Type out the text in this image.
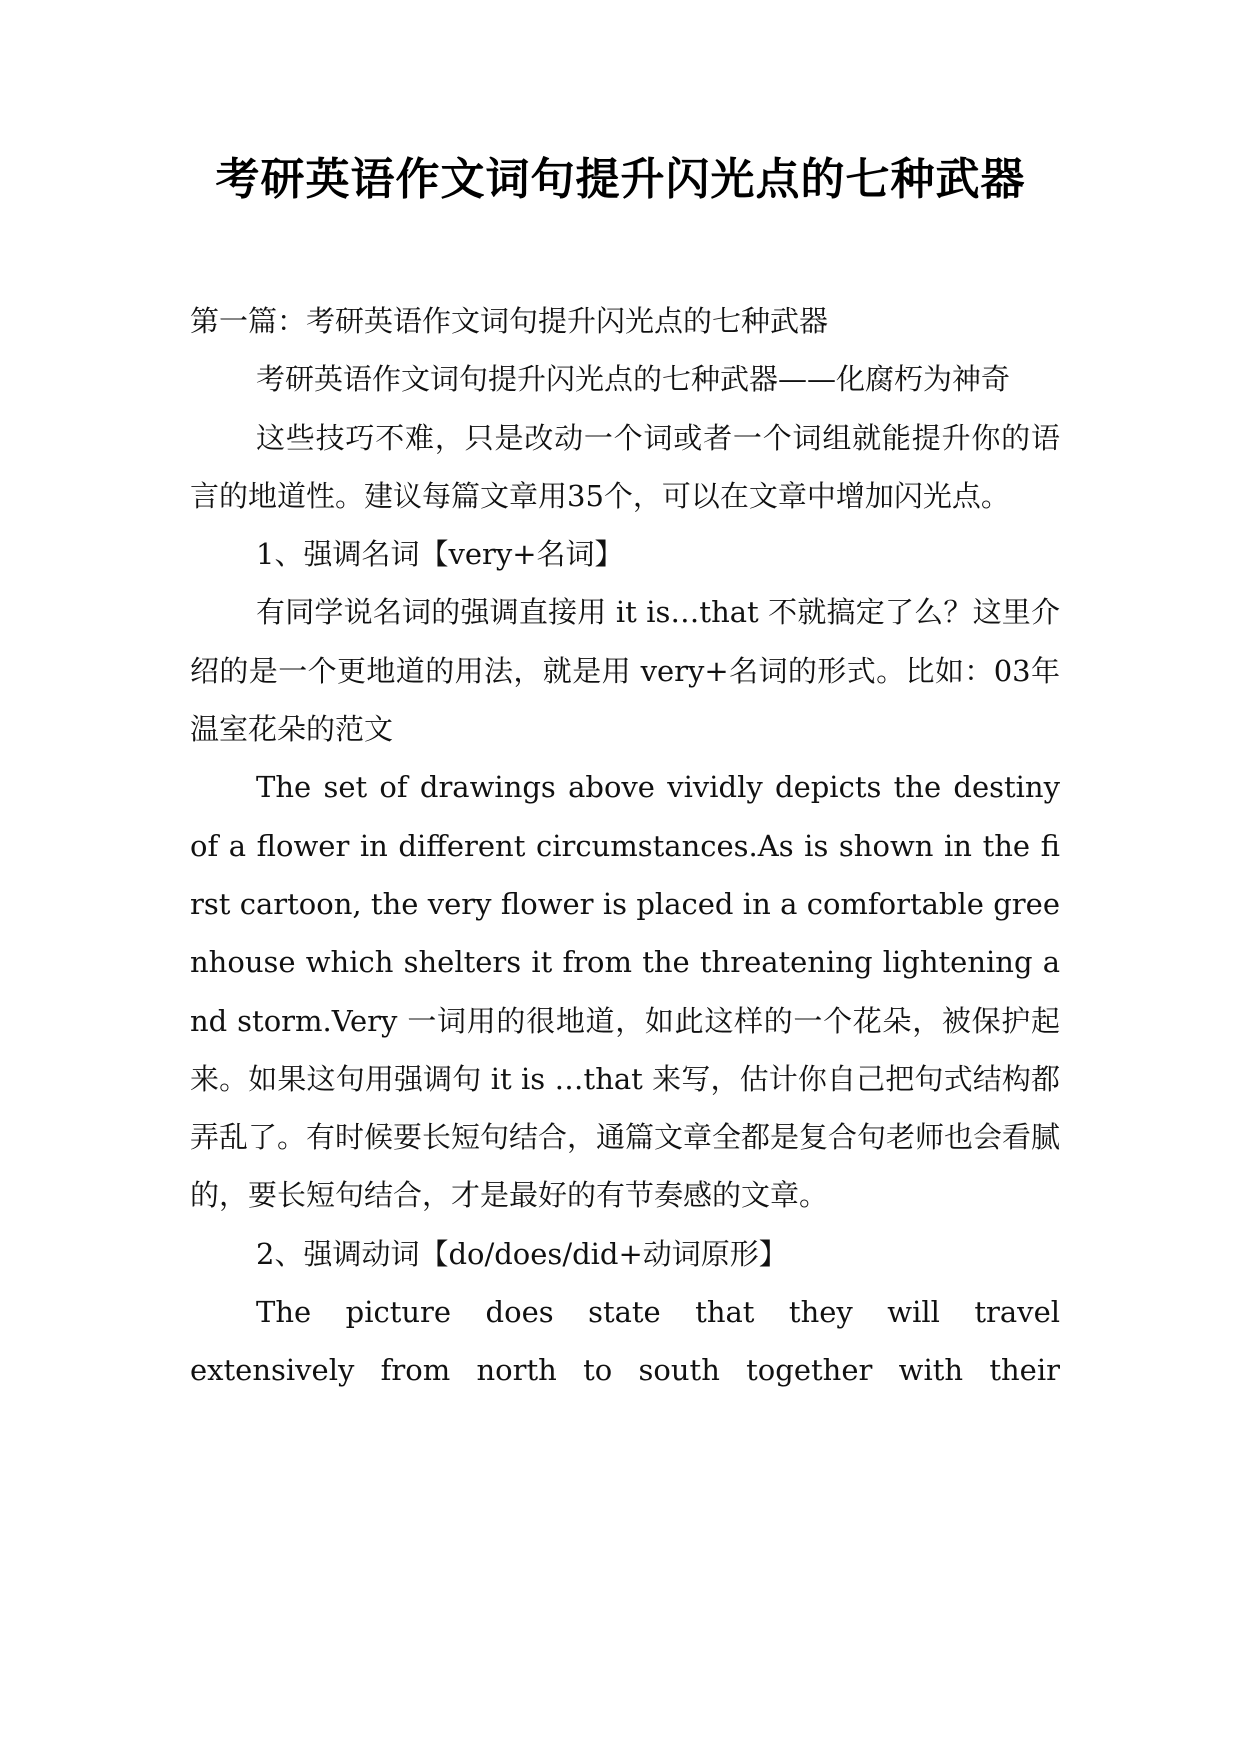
考研英语作文词句提升闪光点的七种武器

第一篇：考研英语作文词句提升闪光点的七种武器

考研英语作文词句提升闪光点的七种武器——化腐朽为神奇

这些技巧不难，只是改动一个词或者一个词组就能提升你的语言的地道性。建议每篇文章用35个，可以在文章中增加闪光点。

1、强调名词【very+名词】

有同学说名词的强调直接用 it is…that 不就搞定了么？这里介绍的是一个更地道的用法，就是用 very+名词的形式。比如：03年温室花朵的范文

The set of drawings above vividly depicts the destiny of a flower in different circumstances.As is shown in the first cartoon, the very flower is placed in a comfortable greenhouse which shelters it from the threatening lightening and storm.Very 一词用的很地道，如此这样的一个花朵，被保护起来。如果这句用强调句 it is …that 来写，估计你自己把句式结构都弄乱了。有时候要长短句结合，通篇文章全都是复合句老师也会看腻的，要长短句结合，才是最好的有节奏感的文章。

2、强调动词【do/does/did+动词原形】

The picture does state that they will travel extensively from north to south together with their
